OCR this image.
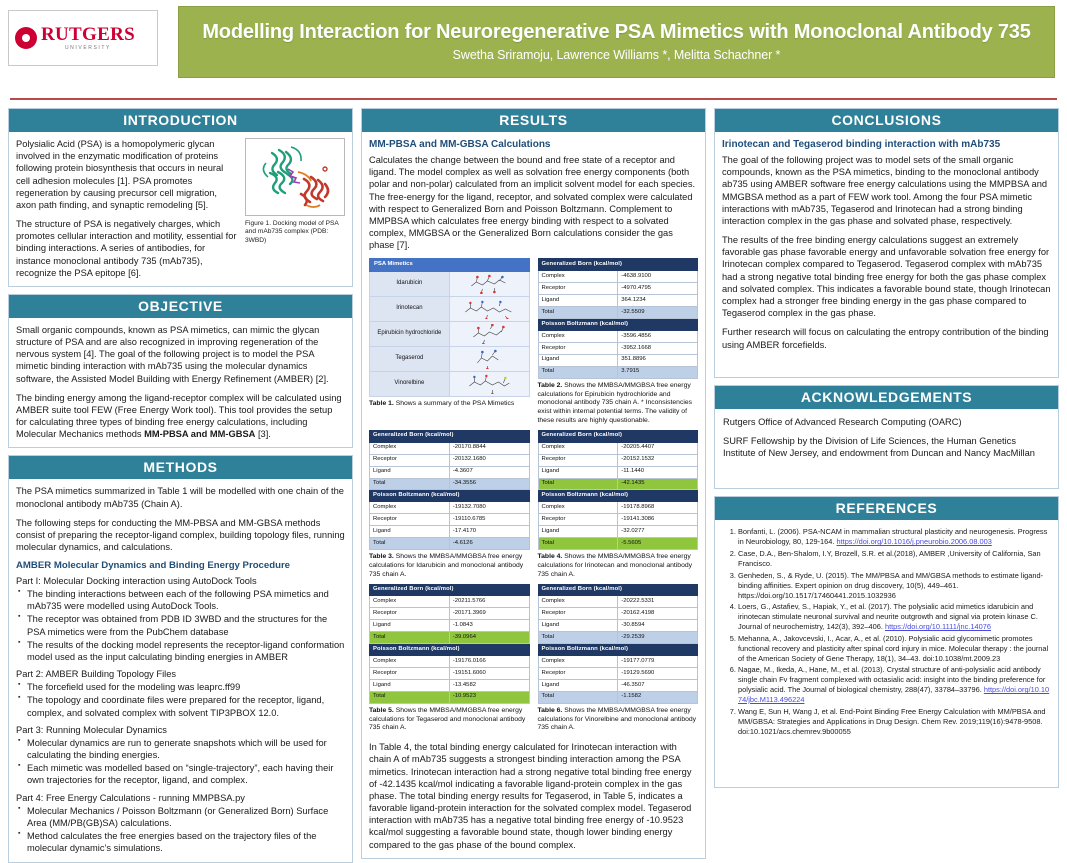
RUTGERS
UNIVERSITY
Modelling Interaction for Neuroregenerative PSA Mimetics with Monoclonal Antibody 735
Swetha Sriramoju, Lawrence Williams *, Melitta Schachner *
INTRODUCTION

Polysialic Acid (PSA) is a homopolymeric glycan involved in the enzymatic modification of proteins following protein biosynthesis that occurs in neural cell adhesion molecules [1]. PSA promotes regeneration by causing precursor cell migration, axon path finding, and synaptic remodeling [5].

The structure of PSA is negatively charges, which promotes cellular interaction and motility, essential for binding interactions. A series of antibodies, for instance monoclonal antibody 735 (mAb735), recognize the PSA epitope [6].

Figure 1. Docking model of PSA and mAb735 complex (PDB: 3WBD)
OBJECTIVE

Small organic compounds, known as PSA mimetics, can mimic the glycan structure of PSA and are also recognized in improving regeneration of the nervous system [4]. The goal of the following project is to model the PSA mimetic binding interaction with mAb735 using the molecular dynamics software, the Assisted Model Building with Energy Refinement (AMBER) [2].

The binding energy among the ligand-receptor complex will be calculated using AMBER suite tool FEW (Free Energy Work tool). This tool provides the setup for calculating three types of binding free energy calculations, including Molecular Mechanics methods MM-PBSA and MM-GBSA [3].

METHODS

The PSA mimetics summarized in Table 1 will be modelled with one chain of the monoclonal antibody mAb735 (Chain A).

The following steps for conducting the MM-PBSA and MM-GBSA methods consist of preparing the receptor-ligand complex, building topology files, running molecular dynamics, and calculations.

AMBER Molecular Dynamics and Binding Energy Procedure
Part I: Molecular Docking interaction using AutoDock Tools
▪ The binding interactions between each of the following PSA mimetics and mAb735 were modelled using AutoDock Tools.
▪ The receptor was obtained from PDB ID 3WBD and the structures for the PSA mimetics were from the PubChem database
▪ The results of the docking model represents the receptor-ligand conformation model used as the input calculating binding energies in AMBER
Part 2: AMBER Building Topology Files
▪ The forcefield used for the modeling was leaprc.ff99
▪ The topology and coordinate files were prepared for the receptor, ligand, complex, and solvated complex with solvent TIP3PBOX 12.0.
Part 3: Running Molecular Dynamics
▪ Molecular dynamics are run to generate snapshots which will be used for calculating the binding energies.
▪ Each mimetic was modelled based on “single-trajectory”, each having their own trajectories for the receptor, ligand, and complex.
Part 4: Free Energy Calculations - running MMPBSA.py
▪ Molecular Mechanics / Poisson Boltzmann (or Generalized Born) Surface Area (MM/PB(GB)SA) calculations.
▪ Method calculates the free energies based on the trajectory files of the molecular dynamic’s simulations.
RESULTS
MM-PBSA and MM-GBSA Calculations

Calculates the change between the bound and free state of a receptor and ligand. The model complex as well as solvation free energy components (both polar and non-polar) calculated from an implicit solvent model for each species. The free-energy for the ligand, receptor, and solvated complex were calculated with respect to Generalized Born and Poisson Boltzmann. Complement to MMPBSA which calculates free energy binding with respect to a solvated complex, MMGBSA or the Generalized Born calculations consider the gas phase [7].

PSA Mimetics	
Idarubicin	

Irinotecan	

Epirubicin hydrochloride	

Tegaserod	

Vinorelbine	
Table 1. Shows a summary of the PSA Mimetics
Generalized Born (kcal/mol)	
Complex	-4638.9100
Receptor	-4970.4795
Ligand	364.1234
Total	-32.5509
Poisson Boltzmann (kcal/mol)	
Complex	-3596.4856
Receptor	-3952.1668
Ligand	351.8896
Total	3.7915
Table 2. Shows the MMBSA/MMGBSA free energy calculations for Epirubicin hydrochloride and monoclonal antibody 735 chain A. * Inconsistencies exist within internal potential terms. The validity of these results are highly questionable.
Generalized Born (kcal/mol)	
Complex	-20170.8844
Receptor	-20132.1680
Ligand	-4.3607
Total	-34.3556
Poisson Boltzmann (kcal/mol)	
Complex	-19132.7080
Receptor	-19110.6785
Ligand	-17.4170
Total	-4.6126
Table 3. Shows the MMBSA/MMGBSA free energy calculations for Idarubicin and monoclonal antibody 735 chain A.
Generalized Born (kcal/mol)	
Complex	-20205.4407
Receptor	-20152.1532
Ligand	-11.1440
Total	-42.1435
Poisson Boltzmann (kcal/mol)	
Complex	-19178.8968
Receptor	-19141.3086
Ligand	-32.0277
Total	-5.5605
Table 4. Shows the MMBSA/MMGBSA free energy calculations for Irinotecan and monoclonal antibody 735 chain A.
Generalized Born (kcal/mol)	
Complex	-20211.5766
Receptor	-20171.3969
Ligand	-1.0843
Total	-39.0964
Poisson Boltzmann (kcal/mol)	
Complex	-19176.0166
Receptor	-19151.6060
Ligand	-13.4582
Total	-10.9523
Table 5. Shows the MMBSA/MMGBSA free energy calculations for Tegaserod and monoclonal antibody 735 chain A.
Generalized Born (kcal/mol)	
Complex	-20222.5331
Receptor	-20162.4198
Ligand	-30.8594
Total	-29.2539
Poisson Boltzmann (kcal/mol)	
Complex	-19177.0779
Receptor	-19129.5690
Ligand	-46.3507
Total	-1.1582
Table 6. Shows the MMBSA/MMGBSA free energy calculations for Vinorelbine and monoclonal antibody 735 chain A.

In Table 4, the total binding energy calculated for Irinotecan interaction with chain A of mAb735 suggests a strongest binding interaction among the PSA mimetics. Irinotecan interaction had a strong negative total binding free energy of -42.1435 kcal/mol indicating a favorable ligand-protein complex in the gas phase. The total binding energy results for Tegaserod, in Table 5, indicates a favorable ligand-protein interaction for the solvated complex model. Tegaserod interaction with mAb735 has a negative total binding free energy of -10.9523 kcal/mol suggesting a favorable bound state, though lower binding energy compared to the gas phase of the bound complex.

CONCLUSIONS
Irinotecan and Tegaserod binding interaction with mAb735

The goal of the following project was to model sets of the small organic compounds, known as the PSA mimetics, binding to the monoclonal antibody ab735 using AMBER software free energy calculations using the MMPBSA and MMGBSA method as a part of FEW work tool. Among the four PSA mimetic interactions with mAb735, Tegaserod and Irinotecan had a strong binding interaction complex in the gas phase and solvated phase, respectively.

The results of the free binding energy calculations suggest an extremely favorable gas phase favorable energy and unfavorable solvation free energy for Irinotecan complex compared to Tegaserod. Tegaserod complex with mAb735 had a strong negative total binding free energy for both the gas phase complex and solvated complex. This indicates a favorable bound state, though Irinotecan complex had a stronger free binding energy in the gas phase compared to Tegaserod complex in the gas phase.

Further research will focus on calculating the entropy contribution of the binding using AMBER forcefields.

ACKNOWLEDGEMENTS

Rutgers Office of Advanced Research Computing (OARC)

SURF Fellowship by the Division of Life Sciences, the Human Genetics Institute of New Jersey, and endowment from Duncan and Nancy MacMillan

REFERENCES
1. Bonfanti, L. (2006). PSA-NCAM in mammalian structural plasticity and neurogenesis. Progress in Neurobiology, 80, 129-164. https://doi.org/10.1016/j.pneurobio.2006.08.003
2. Case, D.A., Ben-Shalom, I.Y, Brozell, S.R. et al.(2018), AMBER ,University of California, San Francisco.
3. Genheden, S., & Ryde, U. (2015). The MM/PBSA and MM/GBSA methods to estimate ligand-binding affinities. Expert opinion on drug discovery, 10(5), 449–461. https://doi.org/10.1517/17460441.2015.1032936
4. Loers, G., Astafiev, S., Hapiak, Y., et al. (2017). The polysialic acid mimetics idarubicin and irinotecan stimulate neuronal survival and neurite outgrowth and signal via protein kinase C. Journal of neurochemistry, 142(3), 392–406. https://doi.org/10.1111/jnc.14076
5. Mehanna, A., Jakovcevski, I., Acar, A., et al. (2010). Polysialic acid glycomimetic promotes functional recovery and plasticity after spinal cord injury in mice. Molecular therapy : the journal of the American Society of Gene Therapy, 18(1), 34–43. doi:10.1038/mt.2009.23
6. Nagae, M., Ikeda, A., Hane, M., et al. (2013). Crystal structure of anti-polysialic acid antibody single chain Fv fragment complexed with octasialic acid: insight into the binding preference for polysialic acid. The Journal of biological chemistry, 288(47), 33784–33796. https://doi.org/10.1074/jbc.M113.496224
7. Wang E, Sun H, Wang J, et al. End-Point Binding Free Energy Calculation with MM/PBSA and MM/GBSA: Strategies and Applications in Drug Design. Chem Rev. 2019;119(16):9478-9508. doi:10.1021/acs.chemrev.9b00055
